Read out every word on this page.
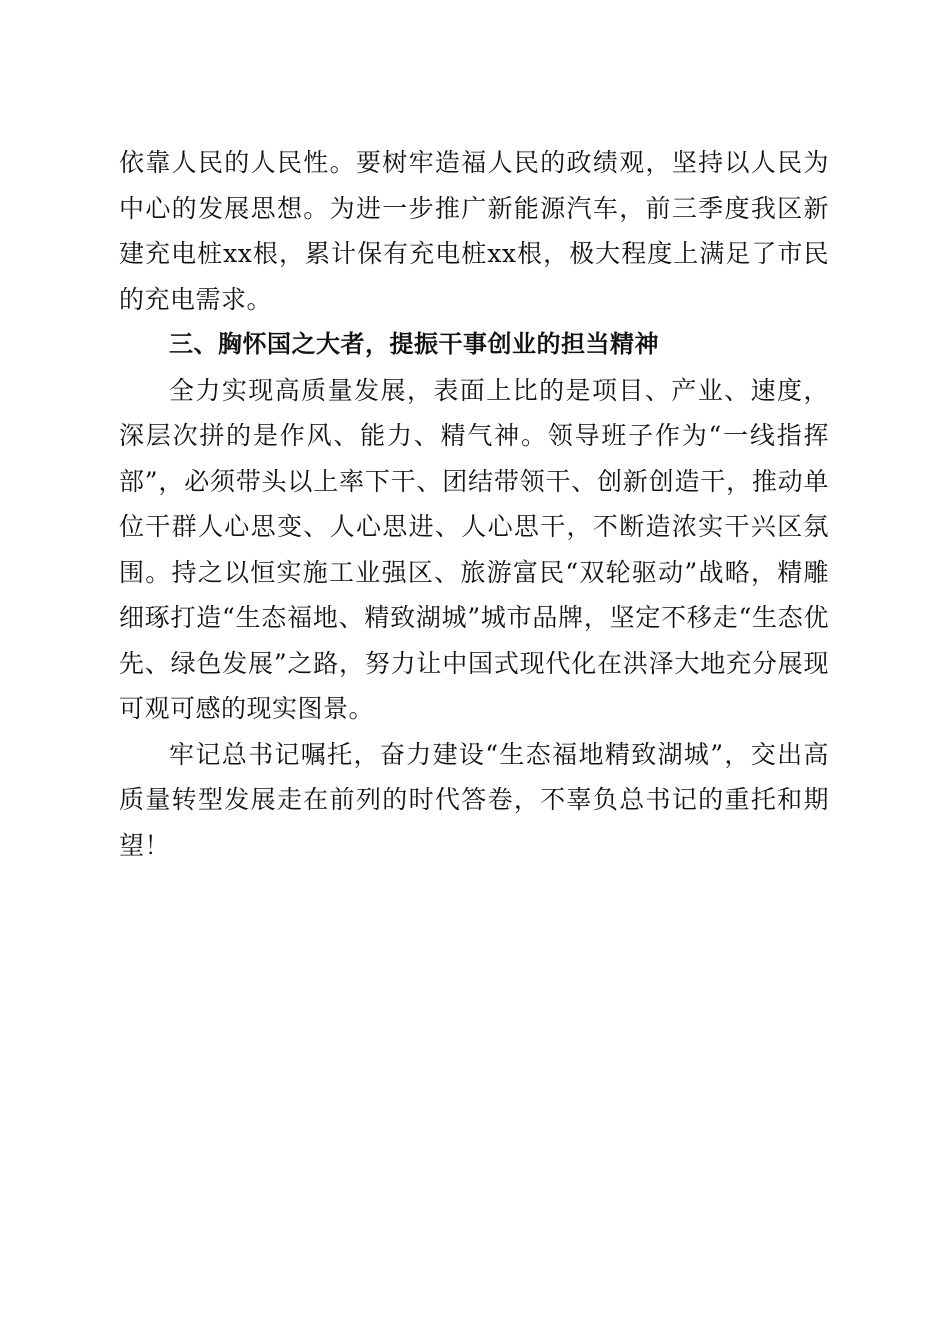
依靠人民的人民性。要树牢造福人民的政绩观，坚持以人民为中心的发展思想。为进一步推广新能源汽车，前三季度我区新建充电桩xx根，累计保有充电桩xx根，极大程度上满足了市民的充电需求。

三、胸怀国之大者，提振干事创业的担当精神

全力实现高质量发展，表面上比的是项目、产业、速度，深层次拼的是作风、能力、精气神。领导班子作为“一线指挥部”，必须带头以上率下干、团结带领干、创新创造干，推动单位干群人心思变、人心思进、人心思干，不断造浓实干兴区氛围。持之以恒实施工业强区、旅游富民“双轮驱动”战略，精雕细琢打造“生态福地、精致湖城”城市品牌，坚定不移走“生态优先、绿色发展”之路，努力让中国式现代化在洪泽大地充分展现可观可感的现实图景。

牢记总书记嘱托，奋力建设“生态福地精致湖城”，交出高质量转型发展走在前列的时代答卷，不辜负总书记的重托和期望！
